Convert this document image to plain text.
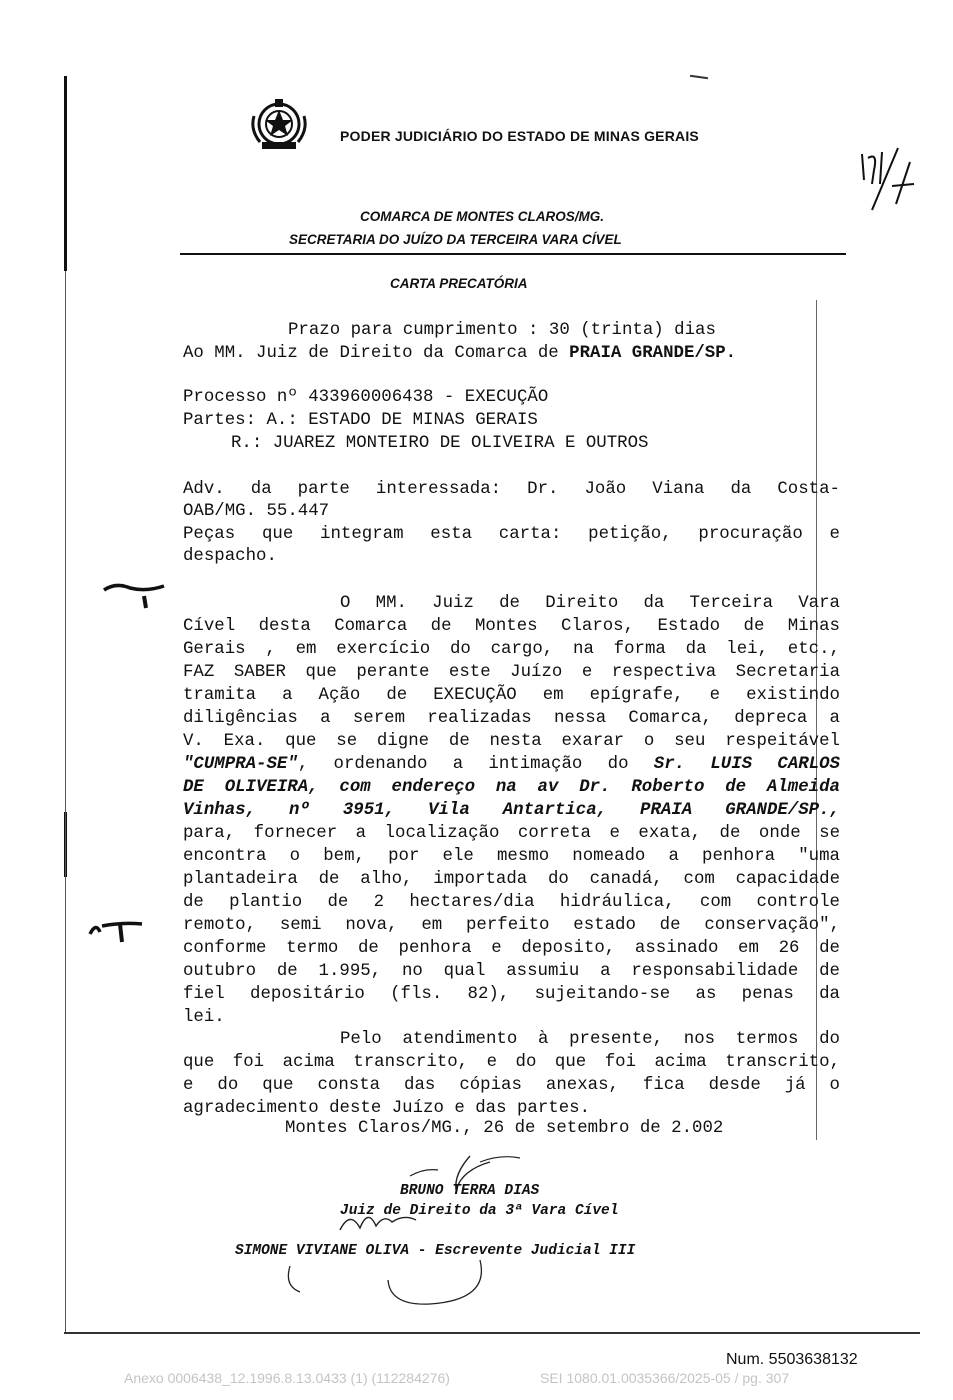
PODER JUDICIÁRIO DO ESTADO DE MINAS GERAIS
COMARCA DE MONTES CLAROS/MG.
SECRETARIA DO JUÍZO DA TERCEIRA VARA CÍVEL
CARTA PRECATÓRIA
Prazo para cumprimento : 30 (trinta) dias
Ao MM. Juiz de Direito da Comarca de PRAIA GRANDE/SP.
Processo nº 433960006438 - EXECUÇÃO
Partes: A.: ESTADO DE MINAS GERAIS
R.: JUAREZ MONTEIRO DE OLIVEIRA E OUTROS
Adv. da parte interessada: Dr. João Viana da Costa-
OAB/MG. 55.447
Peças que integram esta carta: petição, procuração e
despacho.
O MM. Juiz de Direito da Terceira Vara
Cível desta Comarca de Montes Claros, Estado de Minas
Gerais , em exercício do cargo, na forma da lei, etc.,
FAZ SABER que perante este Juízo e respectiva Secretaria
tramita a Ação de EXECUÇÃO em epígrafe, e existindo
diligências a serem realizadas nessa Comarca, depreca a
V. Exa. que se digne de nesta exarar o seu respeitável
"CUMPRA-SE", ordenando a intimação do Sr. LUIS CARLOS
DE OLIVEIRA, com endereço na av Dr. Roberto de Almeida
Vinhas, nº 3951, Vila Antartica, PRAIA GRANDE/SP.,
para, fornecer a localização correta e exata, de onde se
encontra o bem, por ele mesmo nomeado a penhora "uma
plantadeira de alho, importada do canadá, com capacidade
de plantio de 2 hectares/dia hidráulica, com controle
remoto, semi nova, em perfeito estado de conservação",
conforme termo de penhora e deposito, assinado em 26 de
outubro de 1.995, no qual assumiu a responsabilidade de
fiel depositário (fls. 82), sujeitando-se as penas da
lei.
Pelo atendimento à presente, nos termos do
que foi acima transcrito, e do que foi acima transcrito,
e do que consta das cópias anexas, fica desde já o
agradecimento deste Juízo e das partes.
Montes Claros/MG., 26 de setembro de 2.002
BRUNO TERRA DIAS
Juiz de Direito da 3ª Vara Cível
SIMONE VIVIANE OLIVA - Escrevente Judicial III
Num. 5503638132
Anexo 0006438_12.1996.8.13.0433 (1) (112284276)	SEI 1080.01.0035366/2025-05 / pg. 307
